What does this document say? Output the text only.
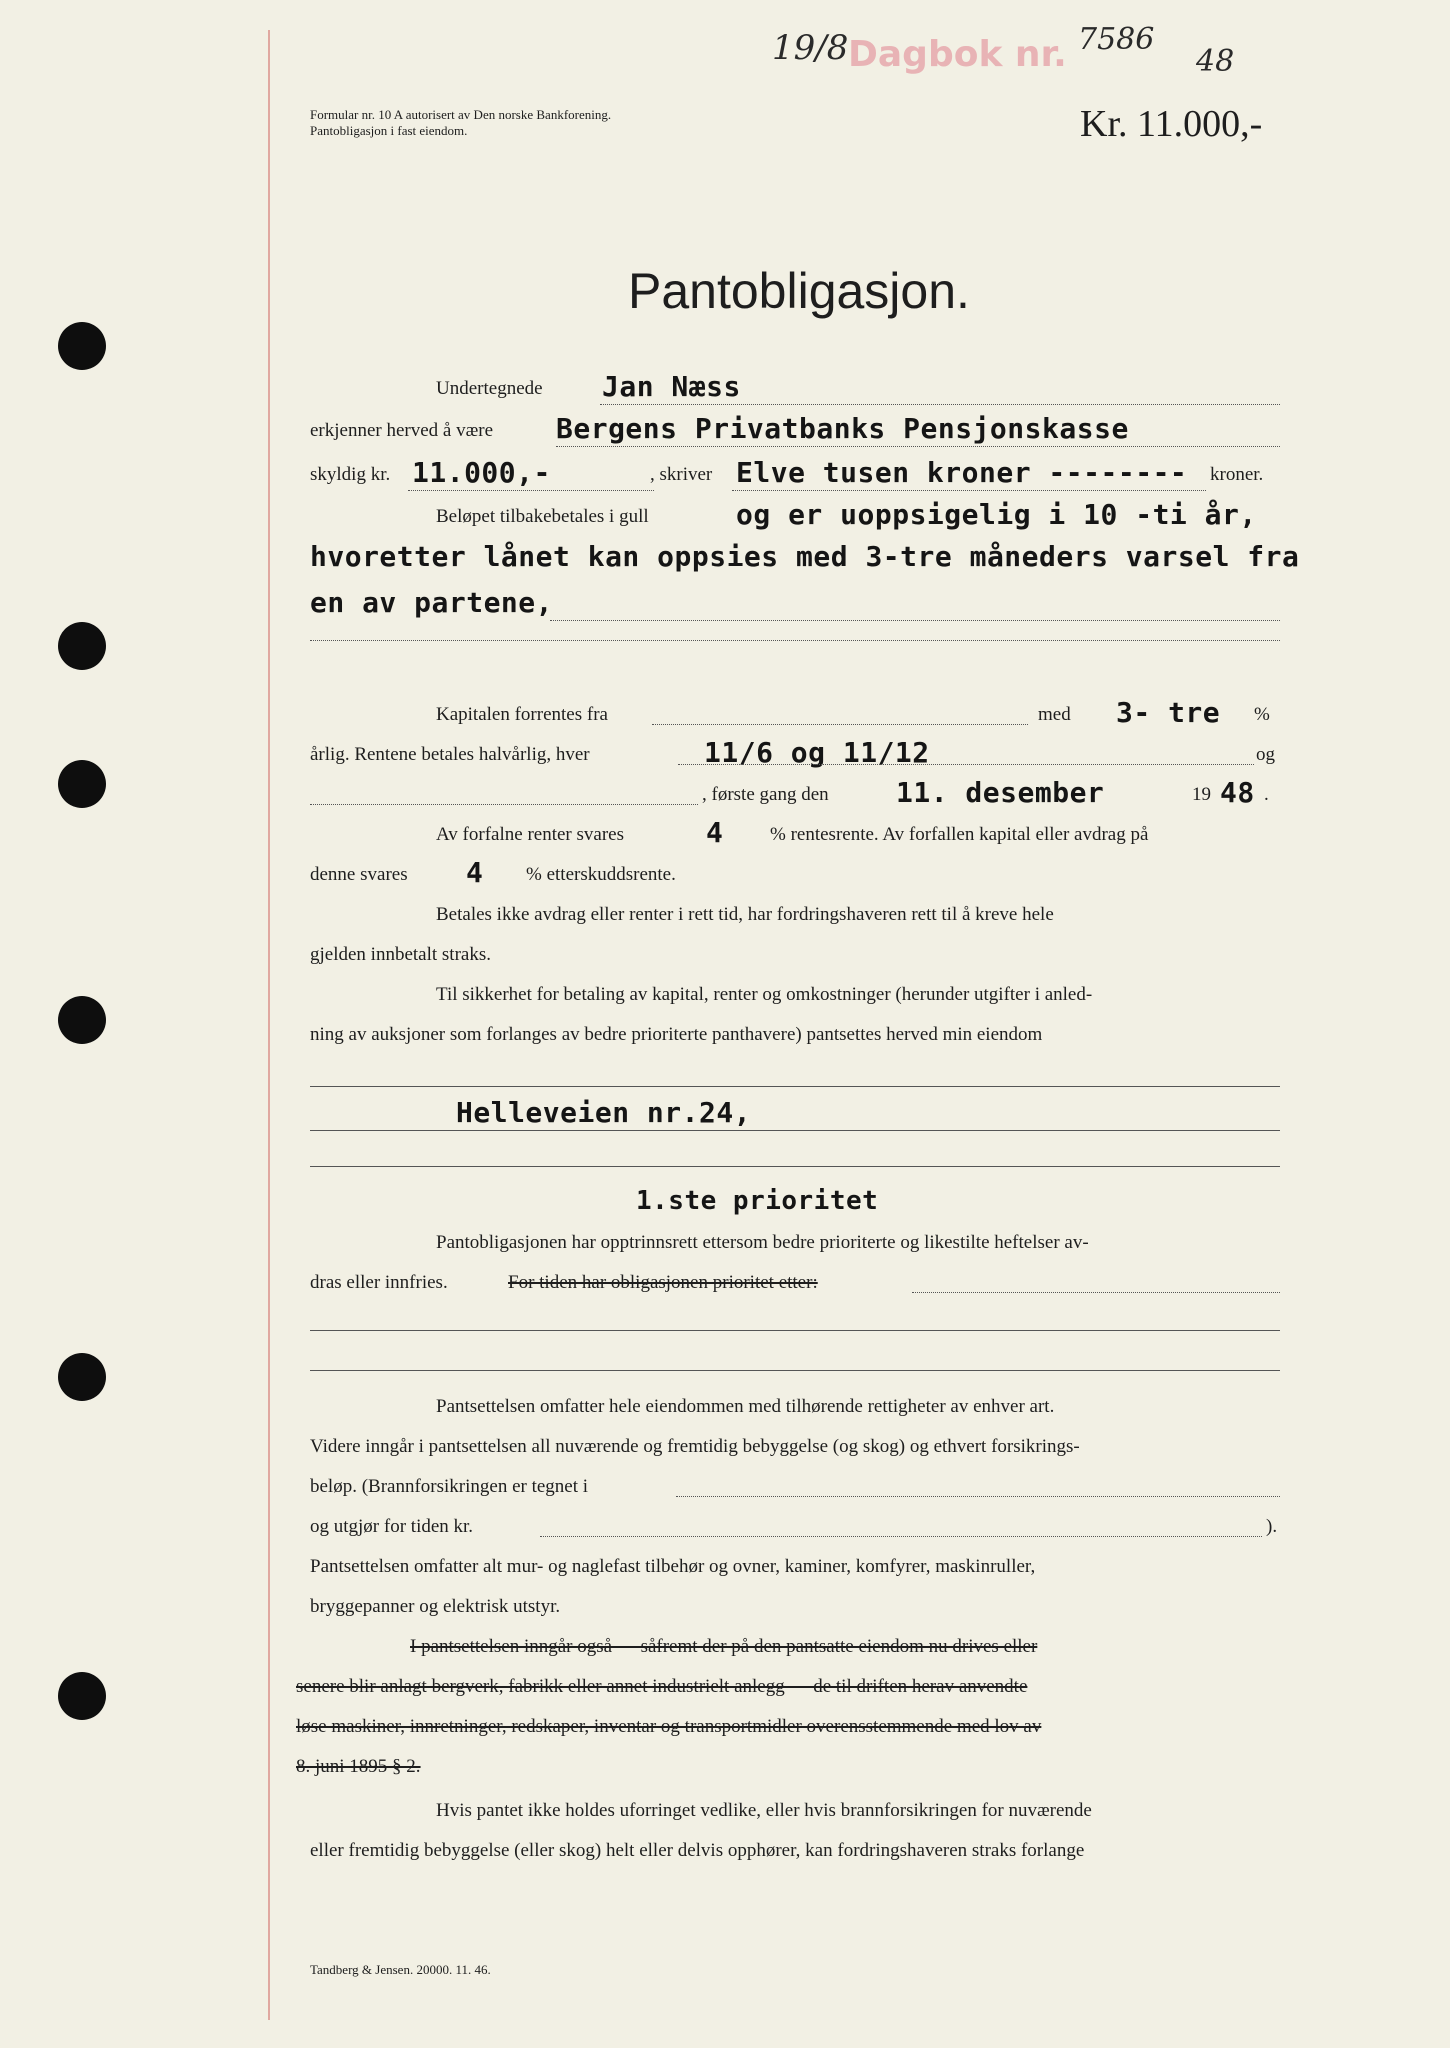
Formular nr. 10 A autorisert av Den norske Bankforening.
Pantobligasjon i fast eiendom.
19/8 Dagbok nr. 7586
48
Kr. 11.000,-
Pantobligasjon.
Undertegnede Jan Næss
erkjenner herved å være Bergens Privatbanks Pensjonskasse
skyldig kr. 11.000,-	, skriver Elve tusen kroner -------- kroner.
Beløpet tilbakebetales i gull	og er uoppsigelig i 10 -ti år,
hvoretter lånet kan oppsies med 3-tre måneders varsel fra
en av partene,
Kapitalen forrentes fra	med 3- tre %
årlig. Rentene betales halvårlig, hver	11/6 og 11/12	og
, første gang den 11. desember	19 48 .
Av forfalne renter svares	4 % rentesrente. Av forfallen kapital eller avdrag på
denne svares 4 % etterskuddsrente.
Betales ikke avdrag eller renter i rett tid, har fordringshaveren rett til å kreve hele
gjelden innbetalt straks.
Til sikkerhet for betaling av kapital, renter og omkostninger (herunder utgifter i anled-
ning av auksjoner som forlanges av bedre prioriterte panthavere) pantsettes herved min eiendom
Helleveien nr.24,
1.ste prioritet
Pantobligasjonen har opptrinnsrett ettersom bedre prioriterte og likestilte heftelser av-
dras eller innfries.	For tiden har obligasjonen prioritet etter:
Pantsettelsen omfatter hele eiendommen med tilhørende rettigheter av enhver art.
Videre inngår i pantsettelsen all nuværende og fremtidig bebyggelse (og skog) og ethvert forsikrings-
beløp. (Brannforsikringen er tegnet i
og utgjør for tiden kr.	).
Pantsettelsen omfatter alt mur- og naglefast tilbehør og ovner, kaminer, komfyrer, maskinruller,
bryggepanner og elektrisk utstyr.
I pantsettelsen inngår også — såfremt der på den pantsatte eiendom nu drives eller
senere blir anlagt bergverk, fabrikk eller annet industrielt anlegg — de til driften herav anvendte
løse maskiner, innretninger, redskaper, inventar og transportmidler overensstemmende med lov av
8. juni 1895 § 2.
Hvis pantet ikke holdes uforringet vedlike, eller hvis brannforsikringen for nuværende
eller fremtidig bebyggelse (eller skog) helt eller delvis opphører, kan fordringshaveren straks forlange
Tandberg & Jensen. 20000. 11. 46.
